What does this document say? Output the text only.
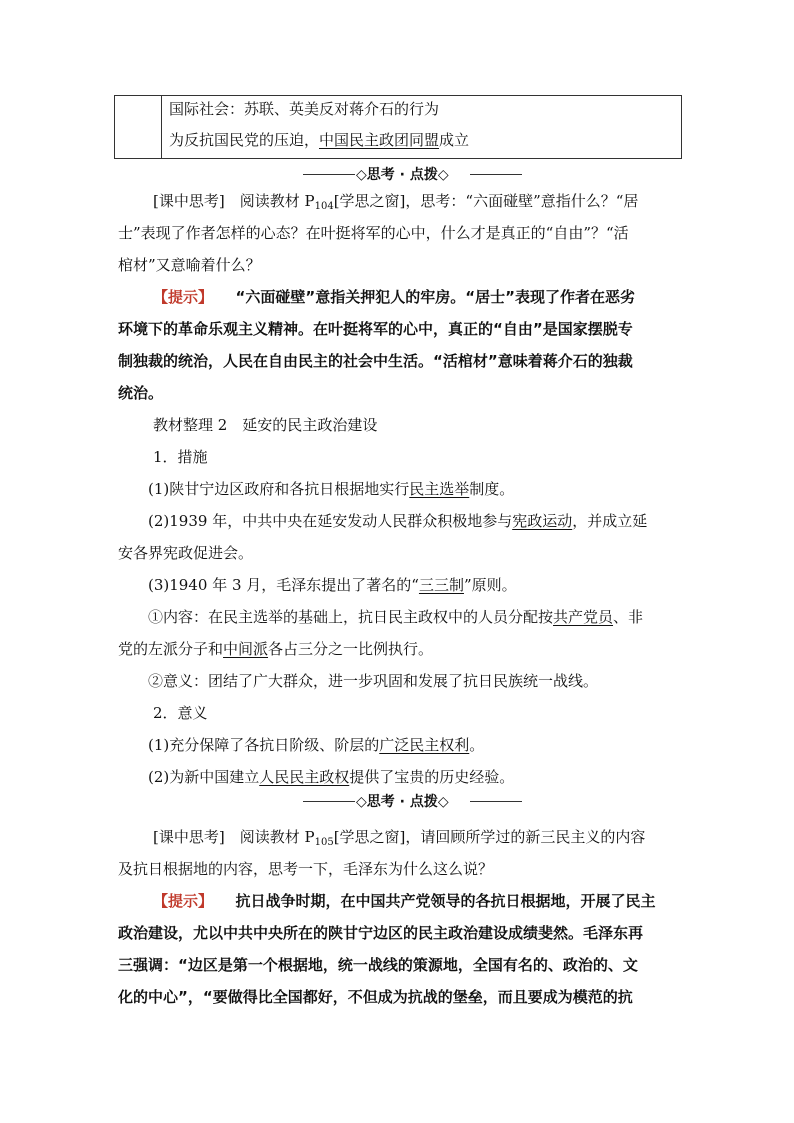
国际社会：苏联、英美反对蒋介石的行为
为反抗国民党的压迫，中国民主政团同盟成立
◇思考 · 点拨◇
[课中思考]　 阅读教材 $P_{104}$[学思之窗]，思考：“六面碰壁”意指什么？“居
士”表现了作者怎样的心态？在叶挺将军的心中，什么才是真正的“自由”？“活
棺材”又意喻着什么？
【提示】　　 “六面碰壁”意指关押犯人的牢房。“居士”表现了作者在恶劣
环境下的革命乐观主义精神。在叶挺将军的心中，真正的“自由”是国家摆脱专
制独裁的统治，人民在自由民主的社会中生活。“活棺材”意味着蒋介石的独裁
统治。
教材整理 2　延安的民主政治建设
1．措施
(1)陕甘宁边区政府和各抗日根据地实行民主选举制度。
(2)1939 年，中共中央在延安发动人民群众积极地参与宪政运动，并成立延
安各界宪政促进会。
(3)1940 年 3 月，毛泽东提出了著名的“三三制”原则。
①内容：在民主选举的基础上，抗日民主政权中的人员分配按共产党员、非
党的左派分子和中间派各占三分之一比例执行。
②意义：团结了广大群众，进一步巩固和发展了抗日民族统一战线。
2．意义
(1)充分保障了各抗日阶级、阶层的广泛民主权利。
(2)为新中国建立人民民主政权提供了宝贵的历史经验。
◇思考 · 点拨◇
[课中思考]　 阅读教材 $P_{105}$[学思之窗]，请回顾所学过的新三民主义的内容
及抗日根据地的内容，思考一下，毛泽东为什么这么说？
【提示】　　 抗日战争时期，在中国共产党领导的各抗日根据地，开展了民主
政治建设，尤以中共中央所在的陕甘宁边区的民主政治建设成绩斐然。毛泽东再
三强调：“边区是第一个根据地，统一战线的策源地，全国有名的、政治的、文
化的中心”，“要做得比全国都好，不但成为抗战的堡垒，而且要成为模范的抗
